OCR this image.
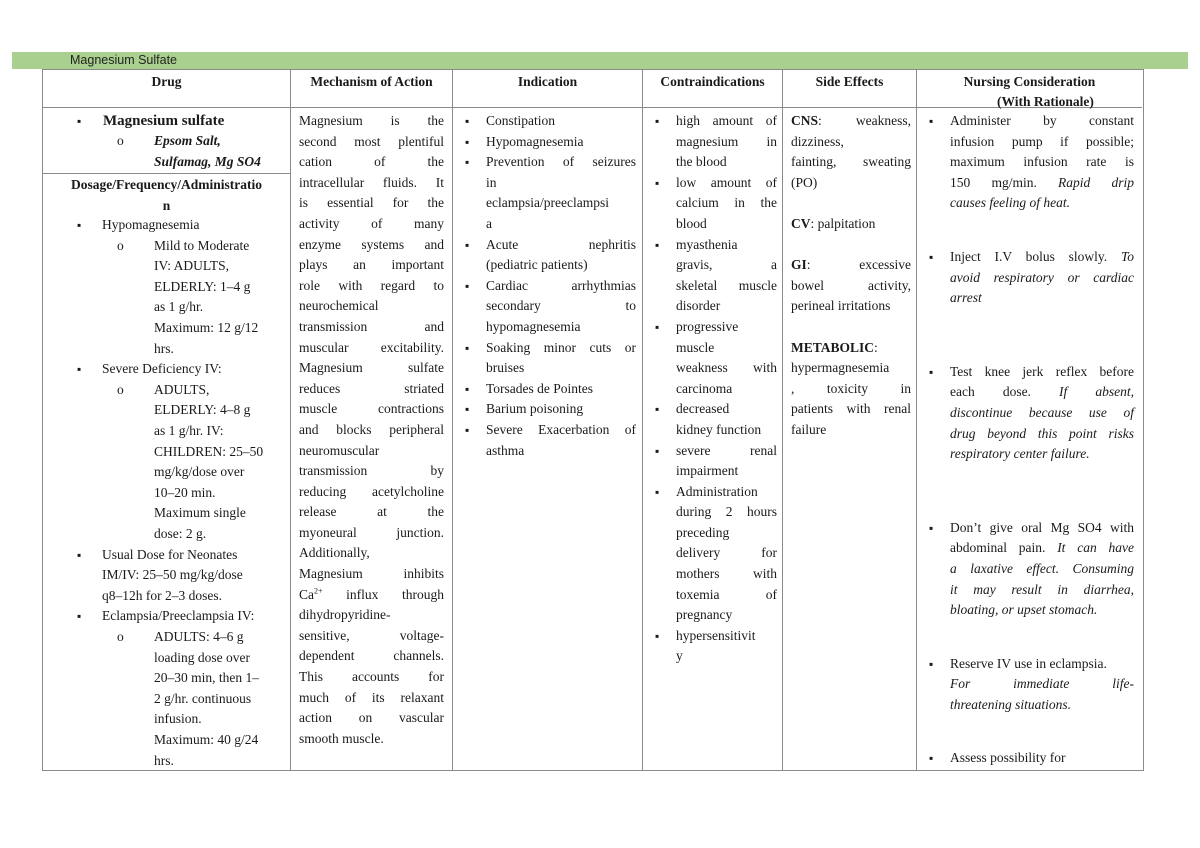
Magnesium Sulfate
Drug
▪ Magnesium sulfate
o Epsom Salt,
Sulfamag, Mg SO4
Dosage/Frequency/Administratio
n
▪ Hypomagnesemia
o Mild to Moderate
IV: ADULTS,
ELDERLY: 1–4 g
as 1 g/hr.
Maximum: 12 g/12
hrs.
▪ Severe Deficiency IV:
o ADULTS,
ELDERLY: 4–8 g
as 1 g/hr. IV:
CHILDREN: 25–50
mg/kg/dose over
10–20 min.
Maximum single
dose: 2 g.
▪ Usual Dose for Neonates
IM/IV: 25–50 mg/kg/dose
q8–12h for 2–3 doses.
▪ Eclampsia/Preeclampsia IV:
o ADULTS: 4–6 g
loading dose over
20–30 min, then 1–
2 g/hr. continuous
infusion.
Maximum: 40 g/24
hrs.
Mechanism of Action
Magnesium is the
second most plentiful
cation of the
intracellular fluids. It
is essential for the
activity of many
enzyme systems and
plays an important
role with regard to
neurochemical
transmission and
muscular excitability.
Magnesium sulfate
reduces striated
muscle contractions
and blocks peripheral
neuromuscular
transmission by
reducing acetylcholine
release at the
myoneural junction.
Additionally,
Magnesium inhibits
$Ca^{2+}$ influx through
dihydropyridine-
sensitive, voltage-
dependent channels.
This accounts for
much of its relaxant
action on vascular
smooth muscle.
Indication
▪ Constipation
▪ Hypomagnesemia
▪ Prevention of seizures
in
eclampsia/preeclampsi
a
▪ Acute nephritis
(pediatric patients)
▪ Cardiac arrhythmias
secondary to
hypomagnesemia
▪ Soaking minor cuts or
bruises
▪ Torsades de Pointes
▪ Barium poisoning
▪ Severe Exacerbation of
asthma
Contraindications
▪ high amount of
magnesium in
the blood
▪ low amount of
calcium in the
blood
▪ myasthenia
gravis, a
skeletal muscle
disorder
▪ progressive
muscle
weakness with
carcinoma
▪ decreased
kidney function
▪ severe renal
impairment
▪ Administration
during 2 hours
preceding
delivery for
mothers with
toxemia of
pregnancy
▪ hypersensitivit
y
Side Effects
CNS: weakness,
dizziness,
fainting, sweating
(PO)

CV: palpitation

GI: excessive
bowel activity,
perineal irritations

METABOLIC:
hypermagnesemia
, toxicity in
patients with renal
failure
Nursing Consideration
(With Rationale)
▪ Administer by constant
infusion pump if possible;
maximum infusion rate is
150 mg/min. Rapid drip
causes feeling of heat.
▪ Inject I.V bolus slowly. To
avoid respiratory or cardiac
arrest
▪ Test knee jerk reflex before
each dose. If absent,
discontinue because use of
drug beyond this point risks
respiratory center failure.
▪ Don’t give oral Mg SO4 with
abdominal pain. It can have
a laxative effect. Consuming
it may result in diarrhea,
bloating, or upset stomach.
▪ Reserve IV use in eclampsia.
For immediate life-
threatening situations.
▪ Assess possibility for
